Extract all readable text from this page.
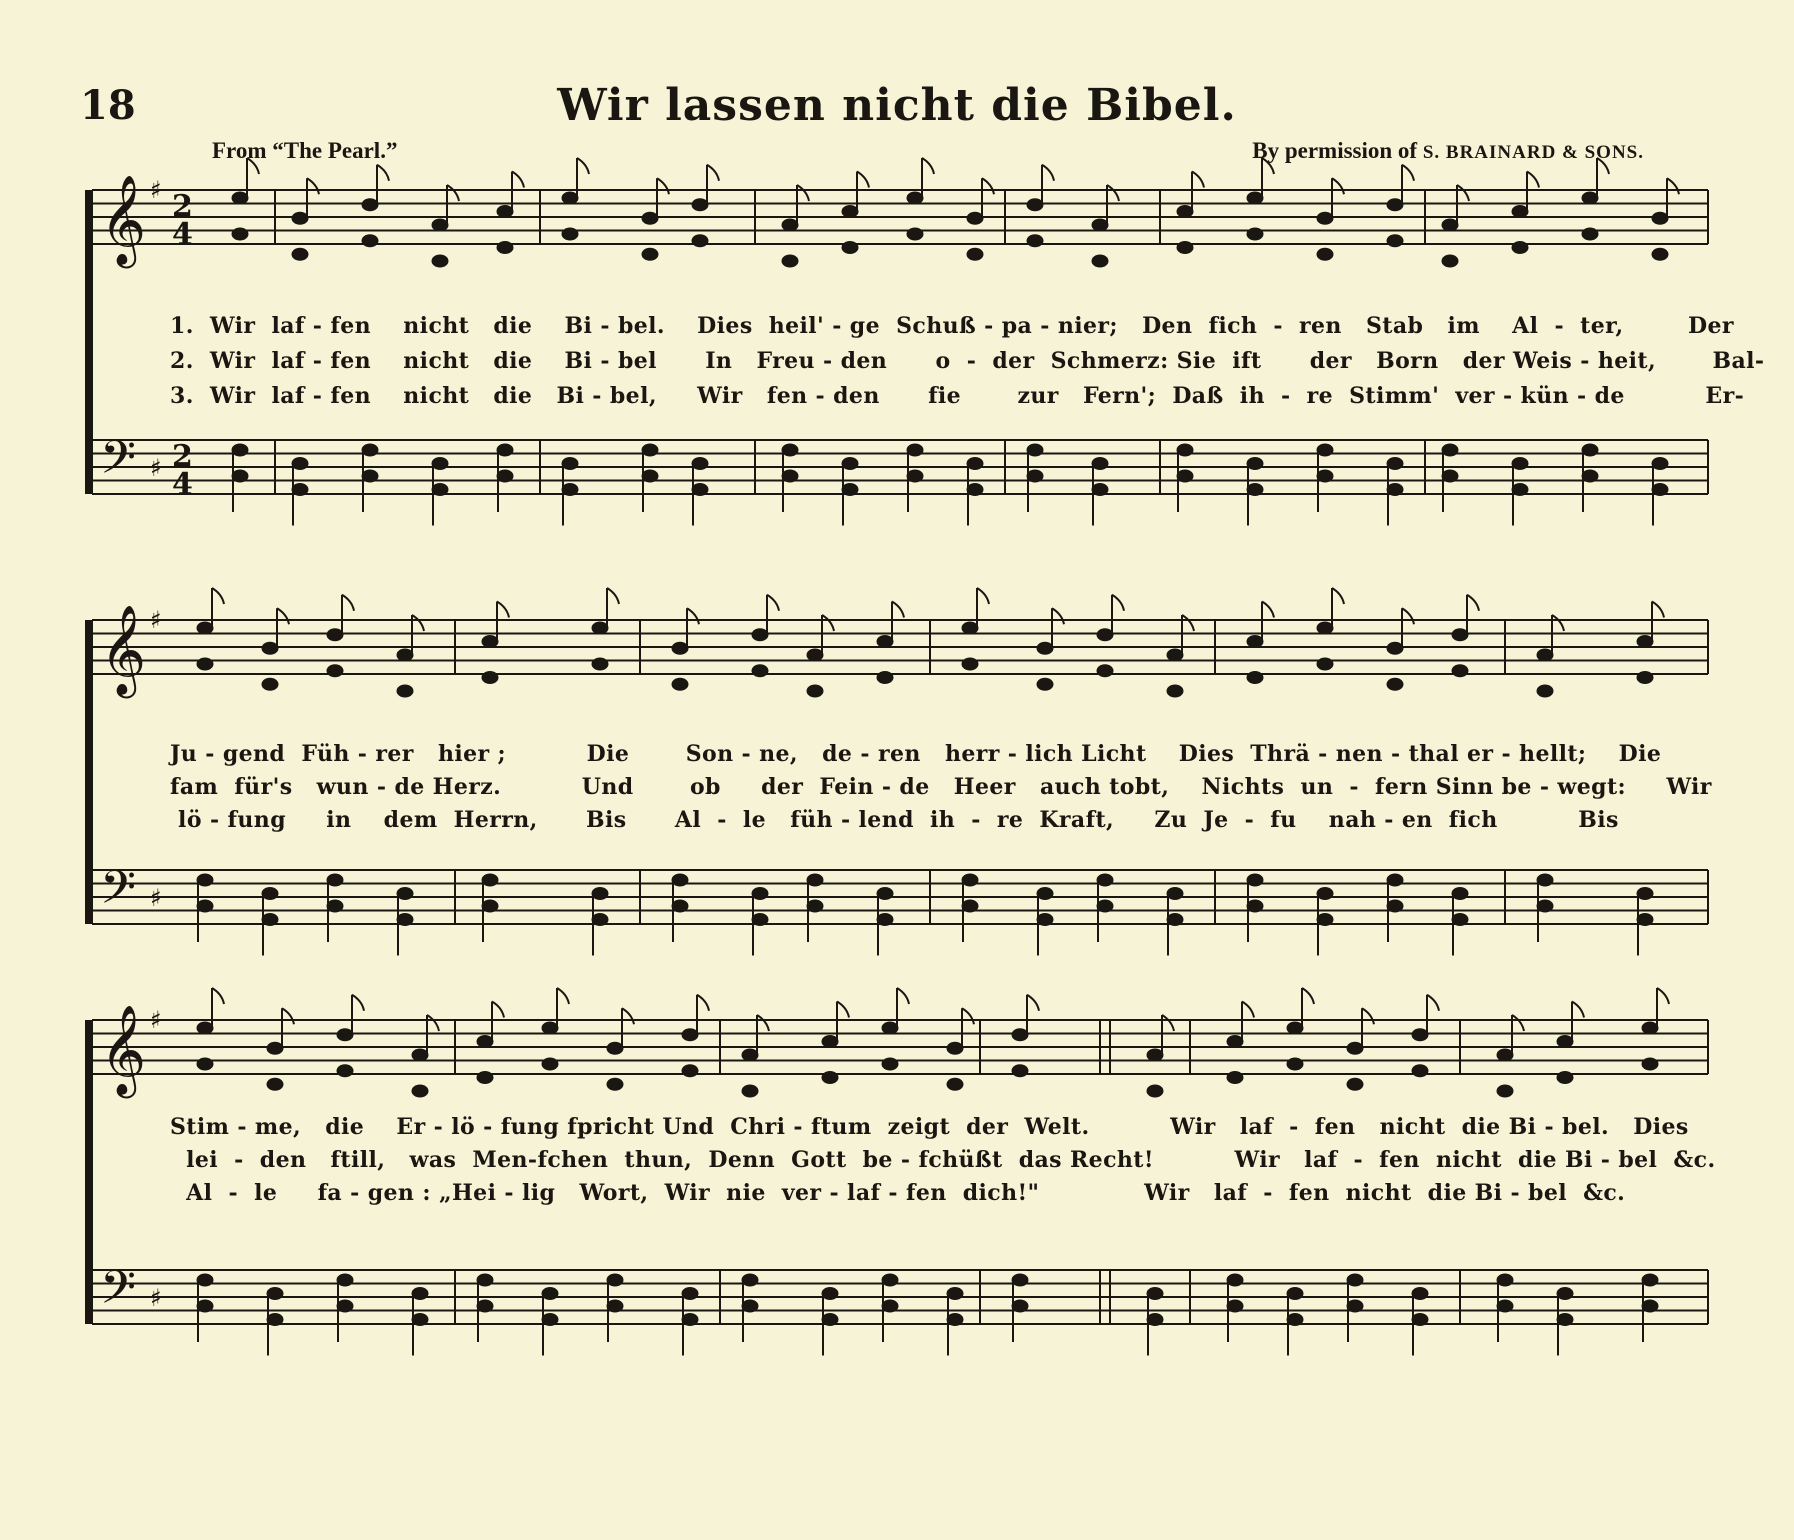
18	Wir lassen nicht die Bibel.
From “The Pearl.”	By permission of S. BRAINARD & SONS.
𝄞
𝄢
♯
♯
2
4
2
4
1.  Wir  laf - fen    nicht   die    Bi - bel.    Dies  heil' - ge  Schuß - pa - nier;   Den  fich  -  ren   Stab   im    Al  -  ter,        Der
2.  Wir  laf - fen    nicht   die    Bi - bel      In   Freu - den      o  -  der  Schmerz: Sie  ift      der   Born   der Weis - heit,       Bal-
3.  Wir  laf - fen    nicht   die   Bi - bel,     Wir   fen - den      fie       zur   Fern';  Daß  ih  -  re  Stimm'  ver - kün - de          Er-
𝄞
𝄢
♯
♯
Ju - gend  Füh - rer   hier ;          Die       Son - ne,   de - ren   herr - lich Licht    Dies  Thrä - nen - thal er - hellt;    Die
fam  für's   wun - de Herz.          Und       ob     der  Fein - de   Heer   auch tobt,    Nichts  un  -  fern Sinn be - wegt:     Wir
lö - fung     in    dem  Herrn,      Bis      Al  -  le   füh - lend  ih  -  re  Kraft,     Zu  Je  -  fu    nah - en  fich          Bis
𝄞
𝄢
♯
♯
Stim - me,   die    Er - lö - fung fpricht Und  Chri - ftum  zeigt  der  Welt.          Wir   laf  -  fen   nicht  die Bi - bel.   Dies
lei  -  den   ftill,   was  Men-fchen  thun,  Denn  Gott  be - fchüßt  das Recht!          Wir   laf  -  fen  nicht  die Bi - bel  &c.
Al  -  le     fa - gen : „Hei - lig   Wort,  Wir  nie  ver - laf - fen  dich!"             Wir   laf  -  fen  nicht  die Bi - bel  &c.
